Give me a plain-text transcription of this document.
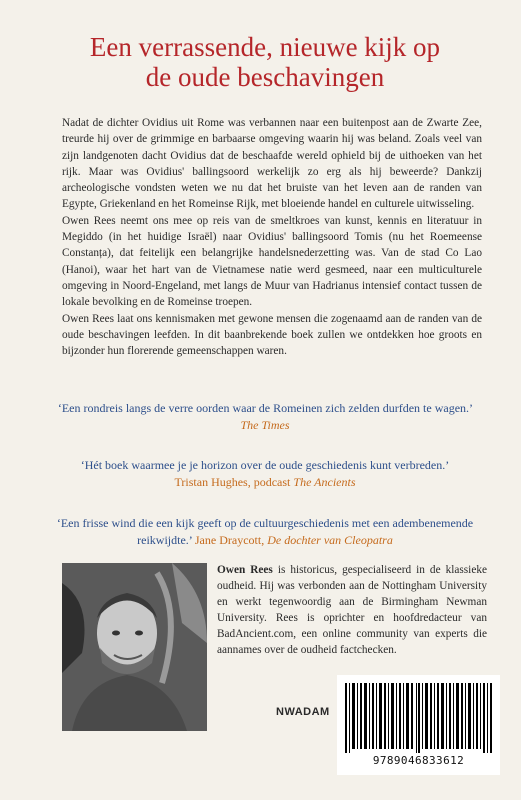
Een verrassende, nieuwe kijk op
de oude beschavingen

Nadat de dichter Ovidius uit Rome was verbannen naar een buitenpost aan de Zwarte Zee, treurde hij over de grimmige en barbaarse omgeving waarin hij was beland. Zoals veel van zijn landgenoten dacht Ovidius dat de beschaafde wereld ophield bij de uithoeken van het rijk. Maar was Ovidius' ballingsoord werkelijk zo erg als hij beweerde? Dankzij archeologische vondsten weten we nu dat het bruiste van het leven aan de randen van Egypte, Griekenland en het Romeinse Rijk, met bloeiende handel en culturele uitwisseling.

Owen Rees neemt ons mee op reis van de smeltkroes van kunst, kennis en literatuur in Megiddo (in het huidige Israël) naar Ovidius' ballingsoord Tomis (nu het Roemeense Constanța), dat feitelijk een belangrijke handelsnederzetting was. Van de stad Co Lao (Hanoi), waar het hart van de Vietnamese natie werd gesmeed, naar een multiculturele omgeving in Noord-Engeland, met langs de Muur van Hadrianus intensief contact tussen de lokale bevolking en de Romeinse troepen.

Owen Rees laat ons kennismaken met gewone mensen die zogenaamd aan de randen van de oude beschavingen leefden. In dit baanbrekende boek zullen we ontdekken hoe groots en bijzonder hun florerende gemeenschappen waren.

‘Een rondreis langs de verre oorden waar de Romeinen zich zelden durfden te wagen.’ The Times
‘Hét boek waarmee je je horizon over de oude geschiedenis kunt verbreden.’
Tristan Hughes, podcast The Ancients
‘Een frisse wind die een kijk geeft op de cultuurgeschiedenis met een adembenemende reikwijdte.’ Jane Draycott, De dochter van Cleopatra
Owen Rees is historicus, gespecialiseerd in de klassieke oudheid. Hij was verbonden aan de Nottingham University en werkt tegenwoordig aan de Birmingham Newman University. Rees is oprichter en hoofdredacteur van BadAncient.com, een online community van experts die aannames over de oudheid factchecken.
NWADAM
9789046833612
